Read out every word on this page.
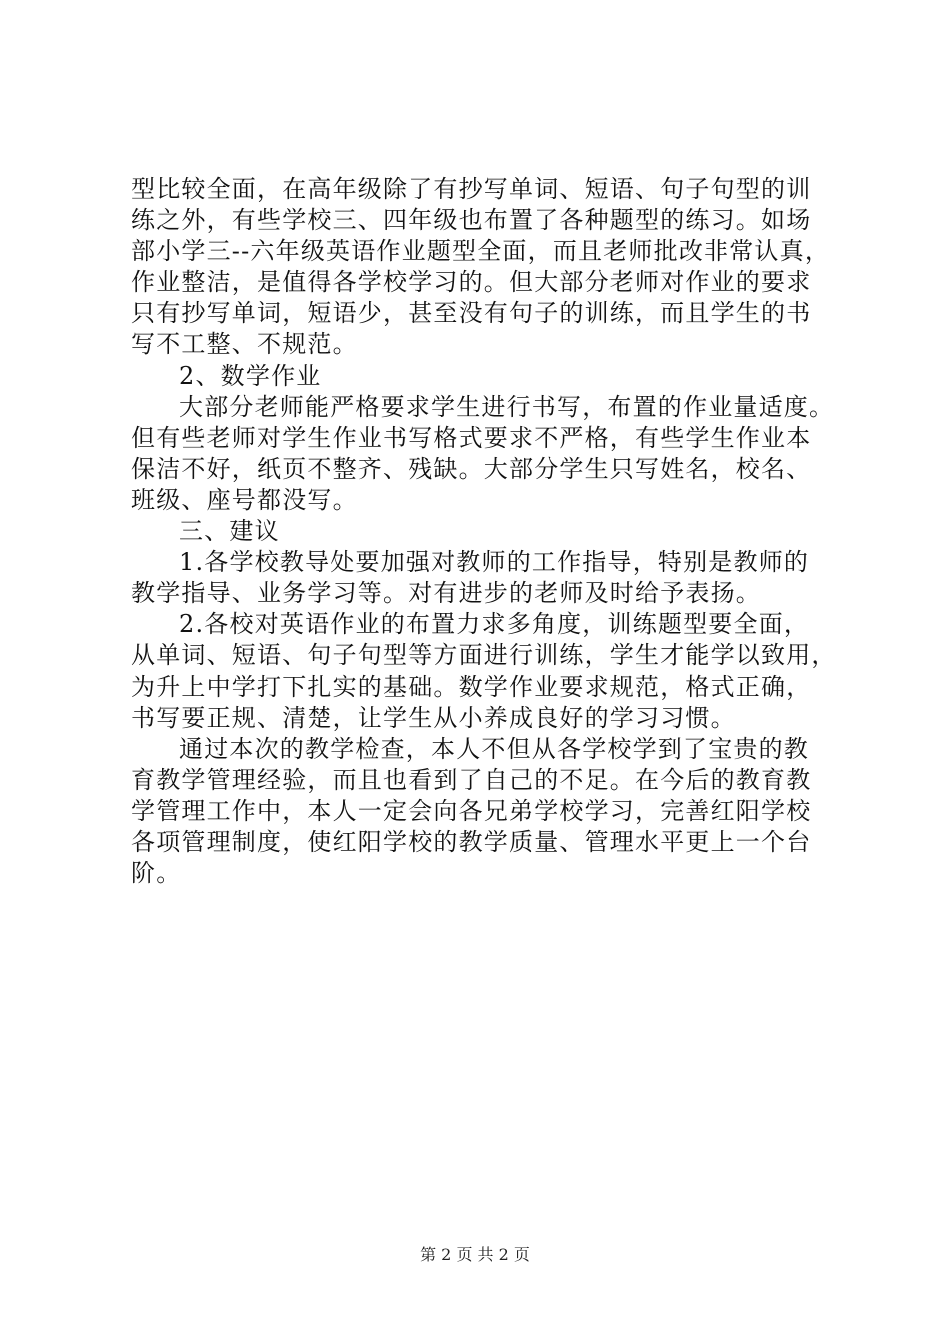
型比较全面，在高年级除了有抄写单词、短语、句子句型的训
练之外，有些学校三、四年级也布置了各种题型的练习。如场
部小学三--六年级英语作业题型全面，而且老师批改非常认真，
作业整洁，是值得各学校学习的。但大部分老师对作业的要求
只有抄写单词，短语少，甚至没有句子的训练，而且学生的书
写不工整、不规范。
2、数学作业
大部分老师能严格要求学生进行书写，布置的作业量适度。
但有些老师对学生作业书写格式要求不严格，有些学生作业本
保洁不好，纸页不整齐、残缺。大部分学生只写姓名，校名、
班级、座号都没写。
三、建议
1.各学校教导处要加强对教师的工作指导，特别是教师的
教学指导、业务学习等。对有进步的老师及时给予表扬。
2.各校对英语作业的布置力求多角度，训练题型要全面，
从单词、短语、句子句型等方面进行训练，学生才能学以致用，
为升上中学打下扎实的基础。数学作业要求规范，格式正确，
书写要正规、清楚，让学生从小养成良好的学习习惯。
通过本次的教学检查，本人不但从各学校学到了宝贵的教
育教学管理经验，而且也看到了自己的不足。在今后的教育教
学管理工作中，本人一定会向各兄弟学校学习，完善红阳学校
各项管理制度，使红阳学校的教学质量、管理水平更上一个台
阶。
第 2 页 共 2 页
